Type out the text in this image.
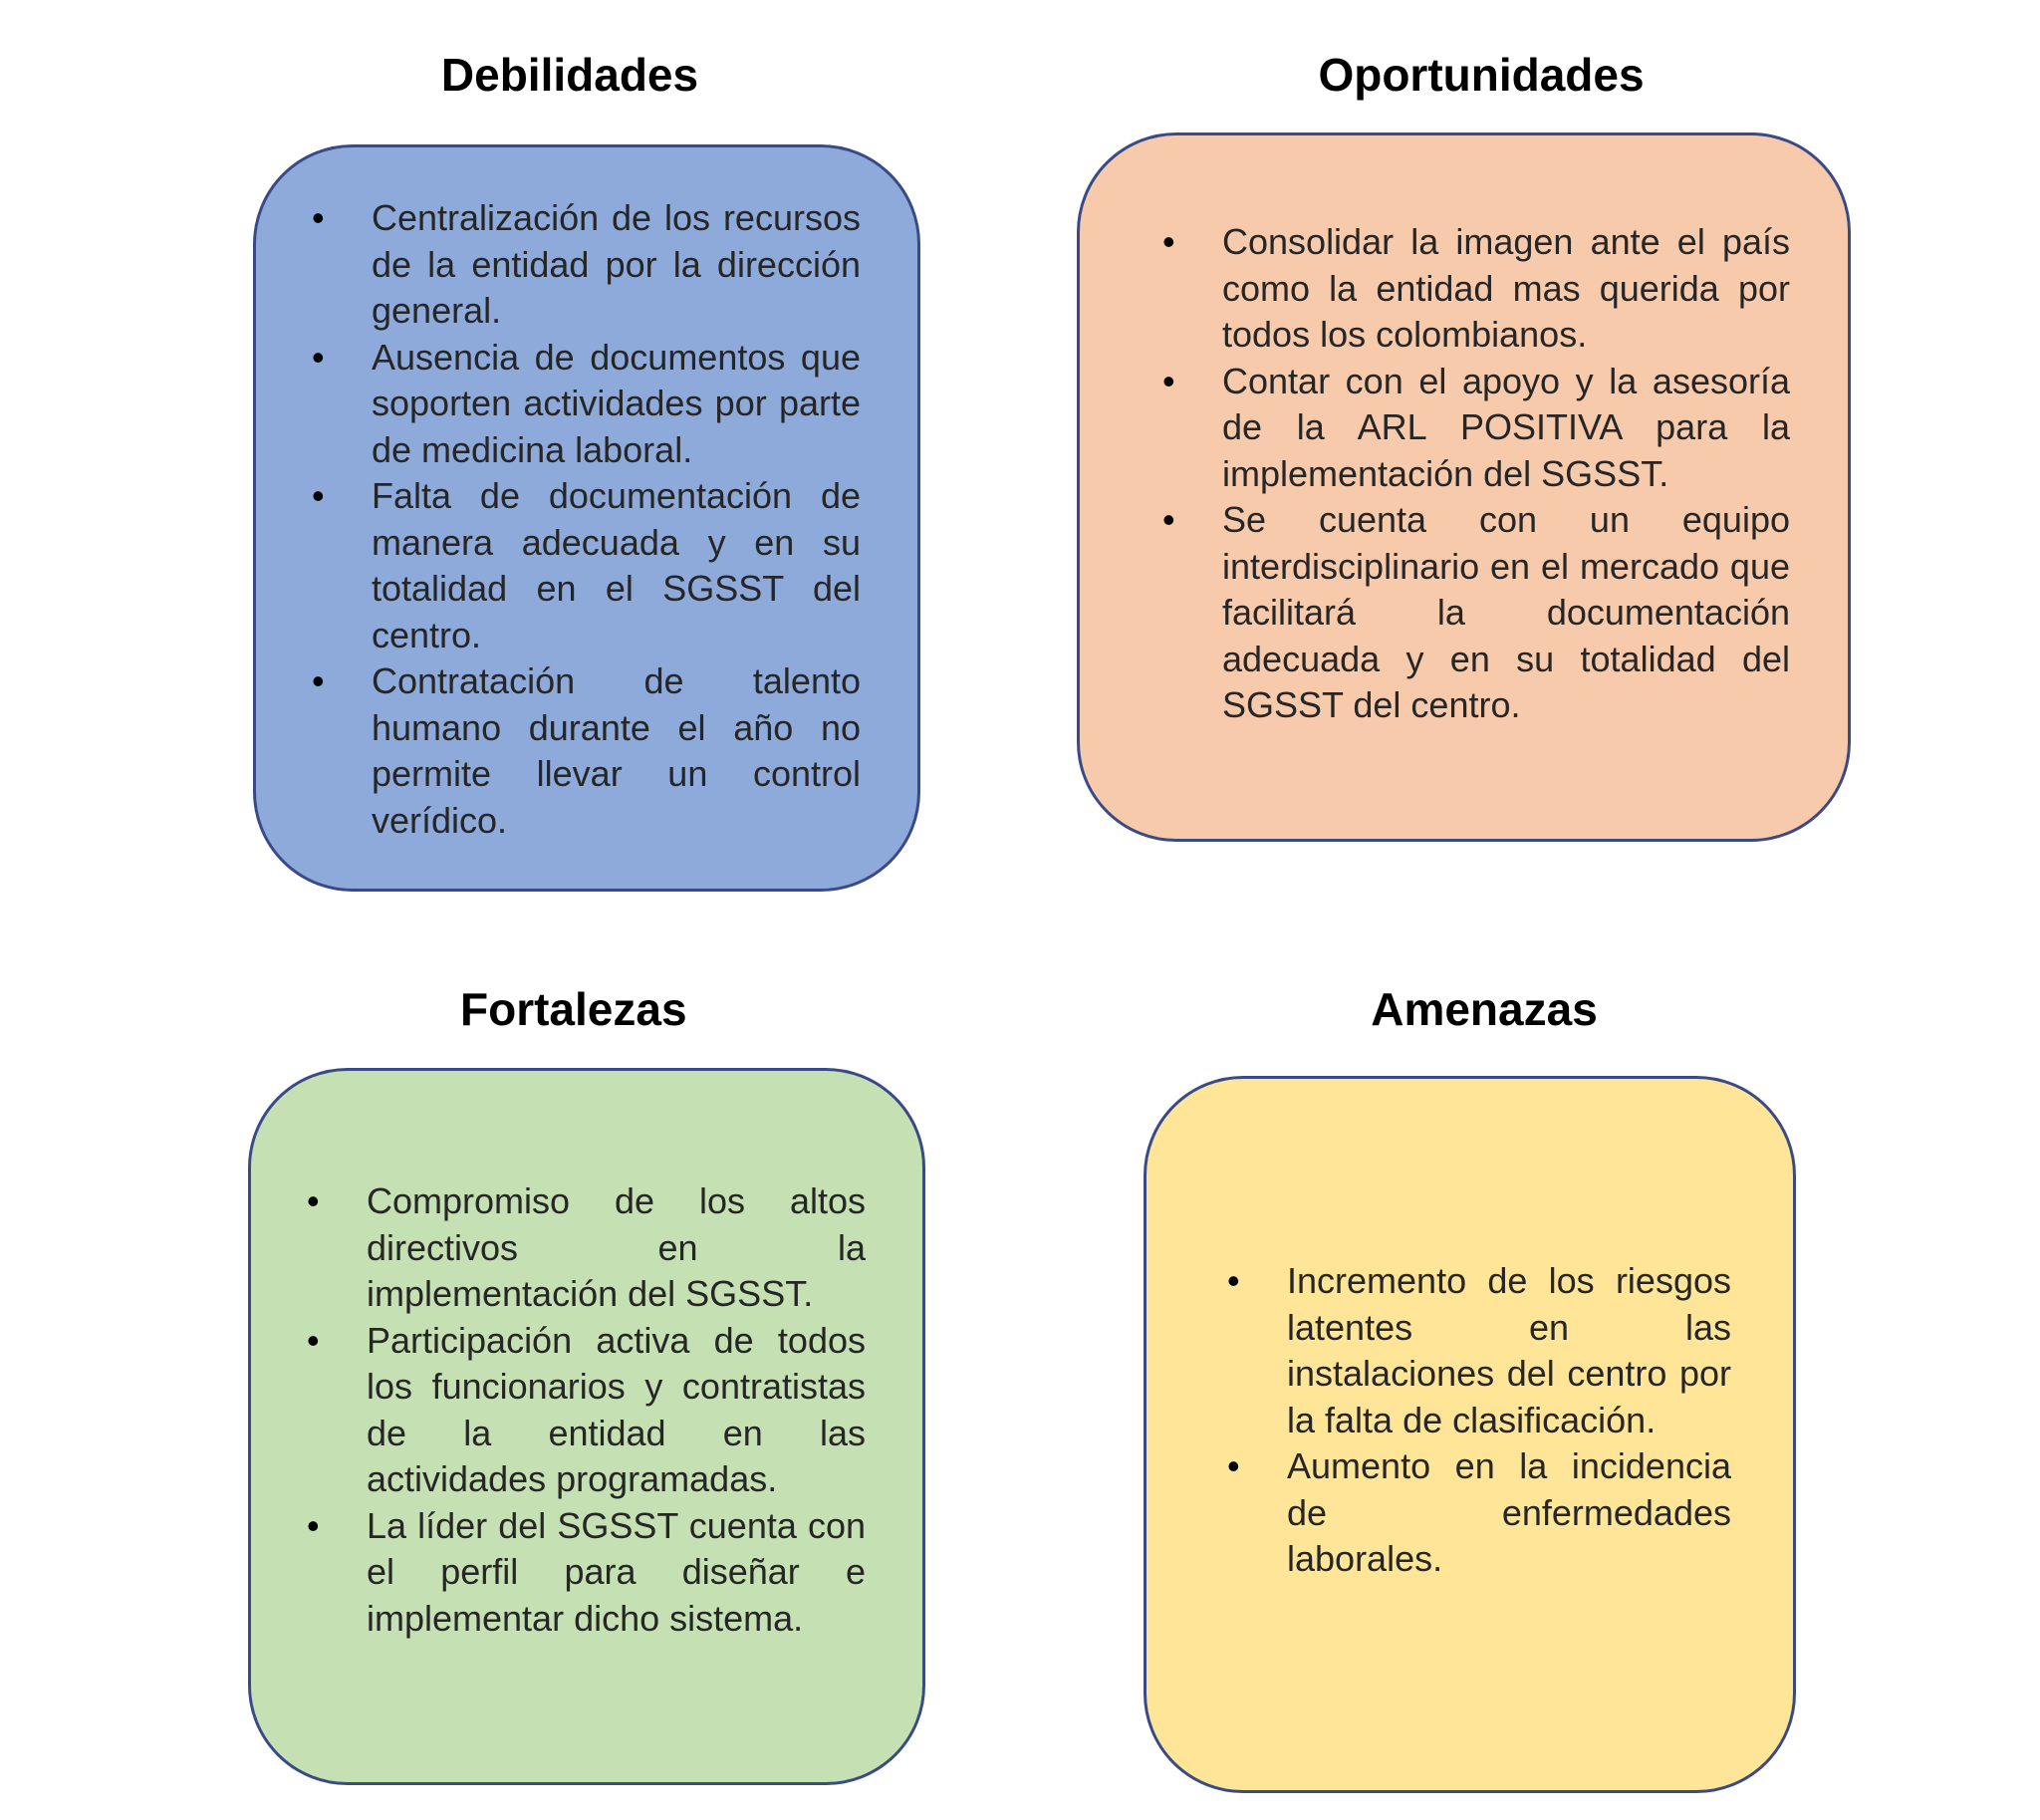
Debilidades	Oportunidades
Fortalezas	Amenazas
• Centralización de los recursos de la entidad por la dirección general.
• Ausencia de documentos que soporten actividades por parte de medicina laboral.
• Falta de documentación de manera adecuada y en su totalidad en el SGSST del centro.
• Contratación de talento humano durante el año no permite llevar un control verídico.
• Consolidar la imagen ante el país como la entidad mas querida por todos los colombianos.
• Contar con el apoyo y la asesoría de la ARL POSITIVA para la implementación del SGSST.
• Se cuenta con un equipo interdisciplinario en el mercado que facilitará la documentación adecuada y en su totalidad del SGSST del centro.
• Compromiso de los altos directivos en la implementación del SGSST.
• Participación activa de todos los funcionarios y contratistas de la entidad en las actividades programadas.
• La líder del SGSST cuenta con el perfil para diseñar e implementar dicho sistema.
• Incremento de los riesgos latentes en las instalaciones del centro por la falta de clasificación.
• Aumento en la incidencia de enfermedades laborales.
